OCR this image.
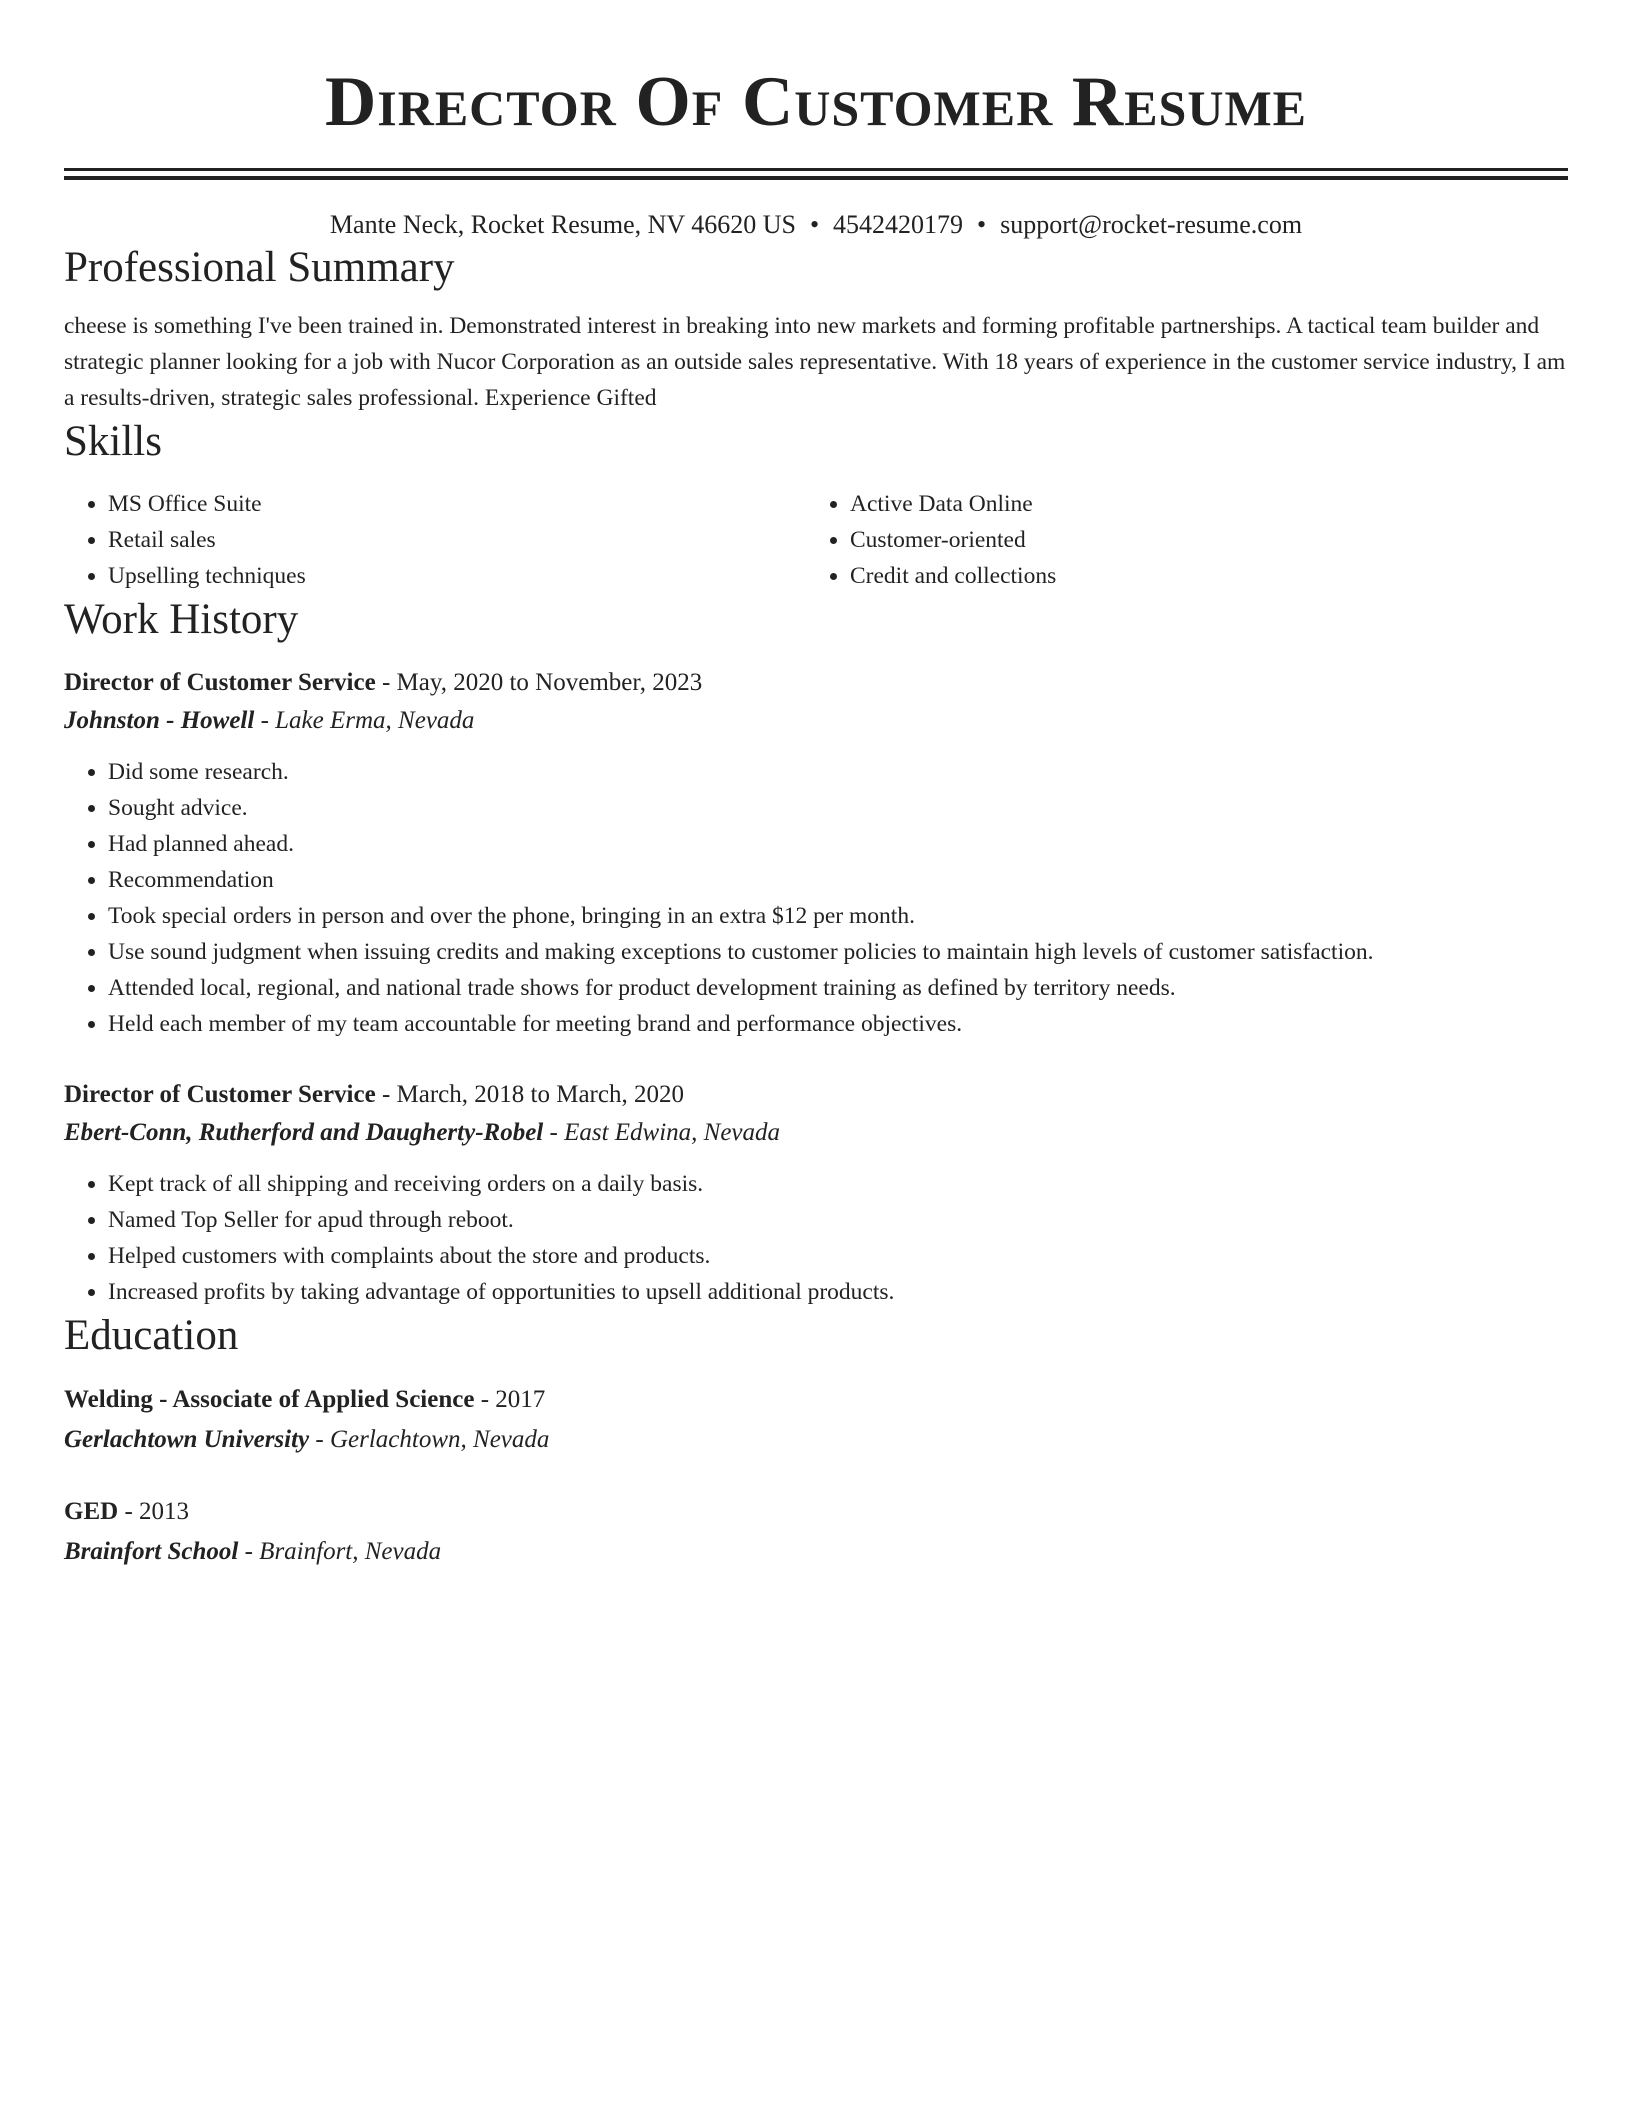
Director Of Customer Resume
Mante Neck, Rocket Resume, NV 46620 US • 4542420179 • support@rocket-resume.com
Professional Summary
cheese is something I've been trained in. Demonstrated interest in breaking into new markets and forming profitable partnerships. A tactical team builder and strategic planner looking for a job with Nucor Corporation as an outside sales representative. With 18 years of experience in the customer service industry, I am a results-driven, strategic sales professional. Experience Gifted
Skills
• MS Office Suite
• Retail sales
• Upselling techniques
• Active Data Online
• Customer-oriented
• Credit and collections
Work History
Director of Customer Service - May, 2020 to November, 2023
Johnston - Howell - Lake Erma, Nevada
• Did some research.
• Sought advice.
• Had planned ahead.
• Recommendation
• Took special orders in person and over the phone, bringing in an extra $12 per month.
• Use sound judgment when issuing credits and making exceptions to customer policies to maintain high levels of customer satisfaction.
• Attended local, regional, and national trade shows for product development training as defined by territory needs.
• Held each member of my team accountable for meeting brand and performance objectives.
Director of Customer Service - March, 2018 to March, 2020
Ebert-Conn, Rutherford and Daugherty-Robel - East Edwina, Nevada
• Kept track of all shipping and receiving orders on a daily basis.
• Named Top Seller for apud through reboot.
• Helped customers with complaints about the store and products.
• Increased profits by taking advantage of opportunities to upsell additional products.
Education
Welding - Associate of Applied Science - 2017
Gerlachtown University - Gerlachtown, Nevada
GED - 2013
Brainfort School - Brainfort, Nevada
